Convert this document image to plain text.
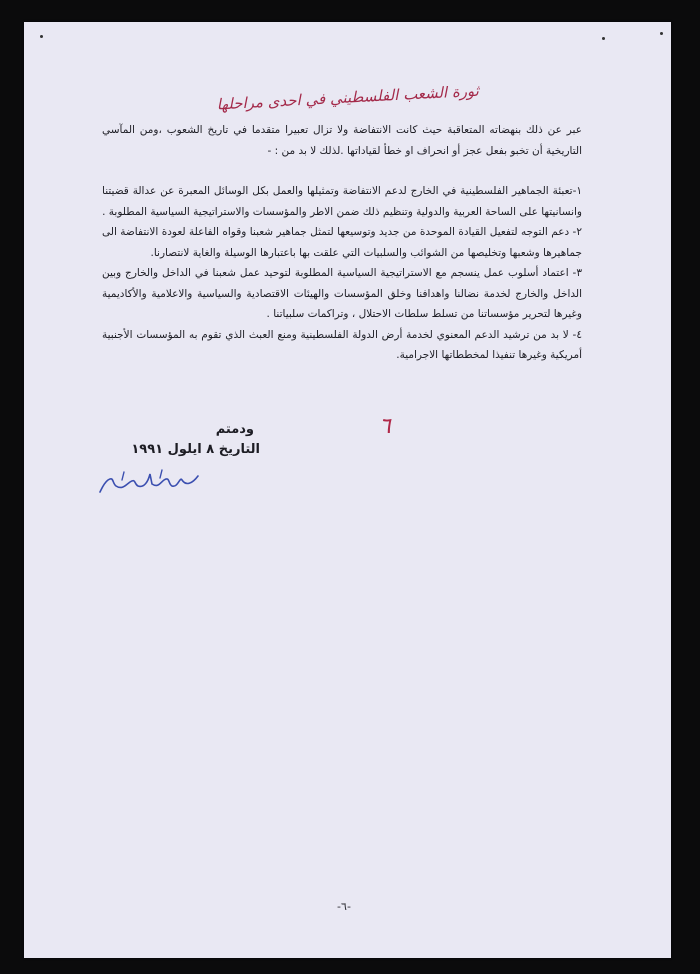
ثورة الشعب الفلسطيني في احدى مراحلها

عبر عن ذلك بنهضاته المتعاقبة حيث كانت الانتفاضة ولا تزال تعبيرا متقدما في تاريخ الشعوب ،ومن المآسي التاريخية أن تخبو بفعل عجز أو انحراف او خطأ لقياداتها .لذلك لا بد من : -

١-تعبئة الجماهير الفلسطينية في الخارج لدعم الانتفاضة وتمثيلها والعمل بكل الوسائل المعبرة عن عدالة قضيتنا وانسانيتها على الساحة العربية والدولية وتنظيم ذلك ضمن الاطر والمؤسسات والاستراتيجية السياسية المطلوبة .

٢- دعم التوجه لتفعيل القيادة الموحدة من جديد وتوسيعها لتمثل جماهير شعبنا وقواه الفاعلة لعودة الانتفاضة الى جماهيرها وشعبها وتخليصها من الشوائب والسلبيات التي علقت بها باعتبارها الوسيلة والغاية لانتصارنا.

٣- اعتماد أسلوب عمل ينسجم مع الاستراتيجية السياسية المطلوبة لتوحيد عمل شعبنا في الداخل والخارج وبين الداخل والخارج لخدمة نضالنا واهدافنا وخلق المؤسسات والهيئات الاقتصادية والسياسية والاعلامية والأكاديمية وغيرها لتحرير مؤسساتنا من تسلط سلطات الاحتلال ، وتراكمات سلبياتنا .

٤- لا بد من ترشيد الدعم المعنوي لخدمة أرض الدولة الفلسطينية ومنع العبث الذي تقوم به المؤسسات الأجنبية أمريكية وغيرها تنفيذا لمخططاتها الاجرامية.

٦
ودمتم
التاريخ ٨ ايلول ١٩٩١
-٦-
